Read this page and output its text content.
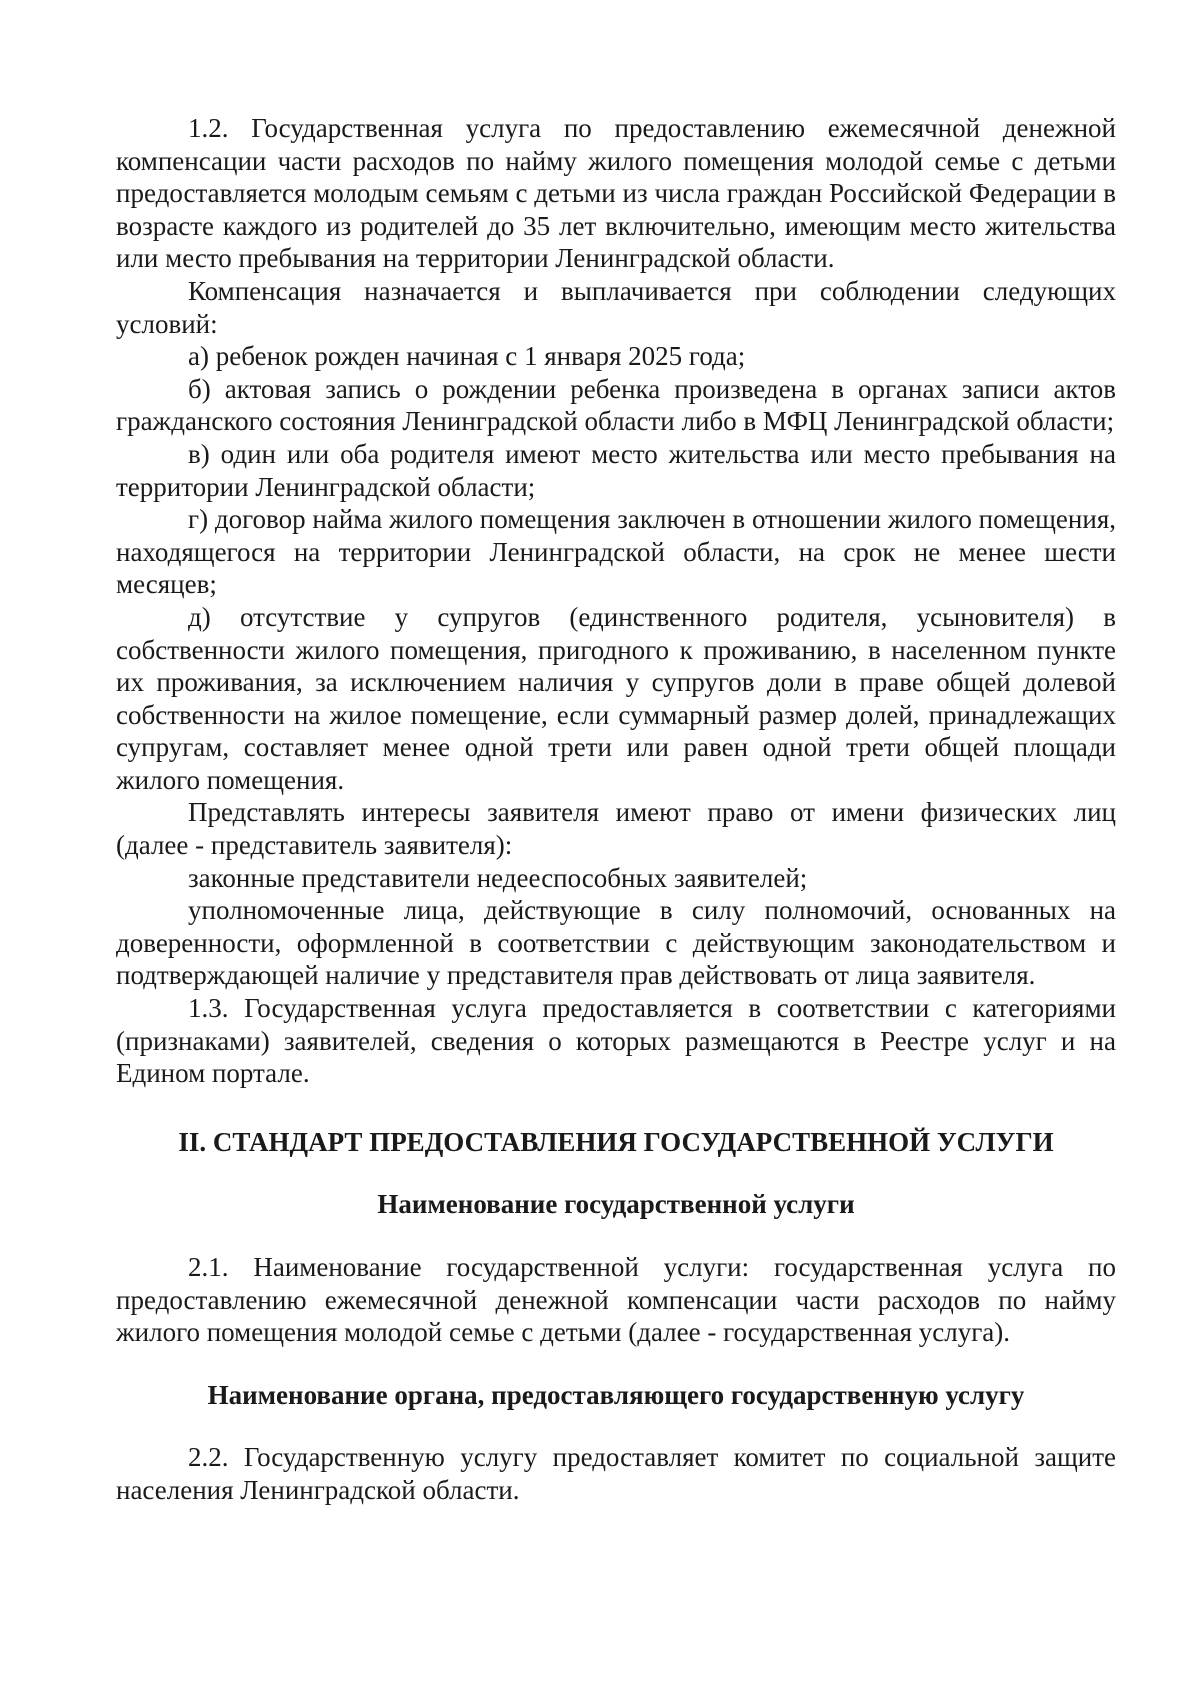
1.2. Государственная услуга по предоставлению ежемесячной денежной компенсации части расходов по найму жилого помещения молодой семье с детьми предоставляется молодым семьям с детьми из числа граждан Российской Федерации в возрасте каждого из родителей до 35 лет включительно, имеющим место жительства или место пребывания на территории Ленинградской области.

Компенсация назначается и выплачивается при соблюдении следующих условий:

а) ребенок рожден начиная с 1 января 2025 года;

б) актовая запись о рождении ребенка произведена в органах записи актов гражданского состояния Ленинградской области либо в МФЦ Ленинградской области;

в) один или оба родителя имеют место жительства или место пребывания на территории Ленинградской области;

г) договор найма жилого помещения заключен в отношении жилого помещения, находящегося на территории Ленинградской области, на срок не менее шести месяцев;

д) отсутствие у супругов (единственного родителя, усыновителя) в собственности жилого помещения, пригодного к проживанию, в населенном пункте их проживания, за исключением наличия у супругов доли в праве общей долевой собственности на жилое помещение, если суммарный размер долей, принадлежащих супругам, составляет менее одной трети или равен одной трети общей площади жилого помещения.

Представлять интересы заявителя имеют право от имени физических лиц (далее - представитель заявителя):

законные представители недееспособных заявителей;

уполномоченные лица, действующие в силу полномочий, основанных на доверенности, оформленной в соответствии с действующим законодательством и подтверждающей наличие у представителя прав действовать от лица заявителя.

1.3. Государственная услуга предоставляется в соответствии с категориями (признаками) заявителей, сведения о которых размещаются в Реестре услуг и на Едином портале.

II. СТАНДАРТ ПРЕДОСТАВЛЕНИЯ ГОСУДАРСТВЕННОЙ УСЛУГИ
Наименование государственной услуги

2.1. Наименование государственной услуги: государственная услуга по предоставлению ежемесячной денежной компенсации части расходов по найму жилого помещения молодой семье с детьми (далее - государственная услуга).

Наименование органа, предоставляющего государственную услугу

2.2. Государственную услугу предоставляет комитет по социальной защите населения Ленинградской области.
